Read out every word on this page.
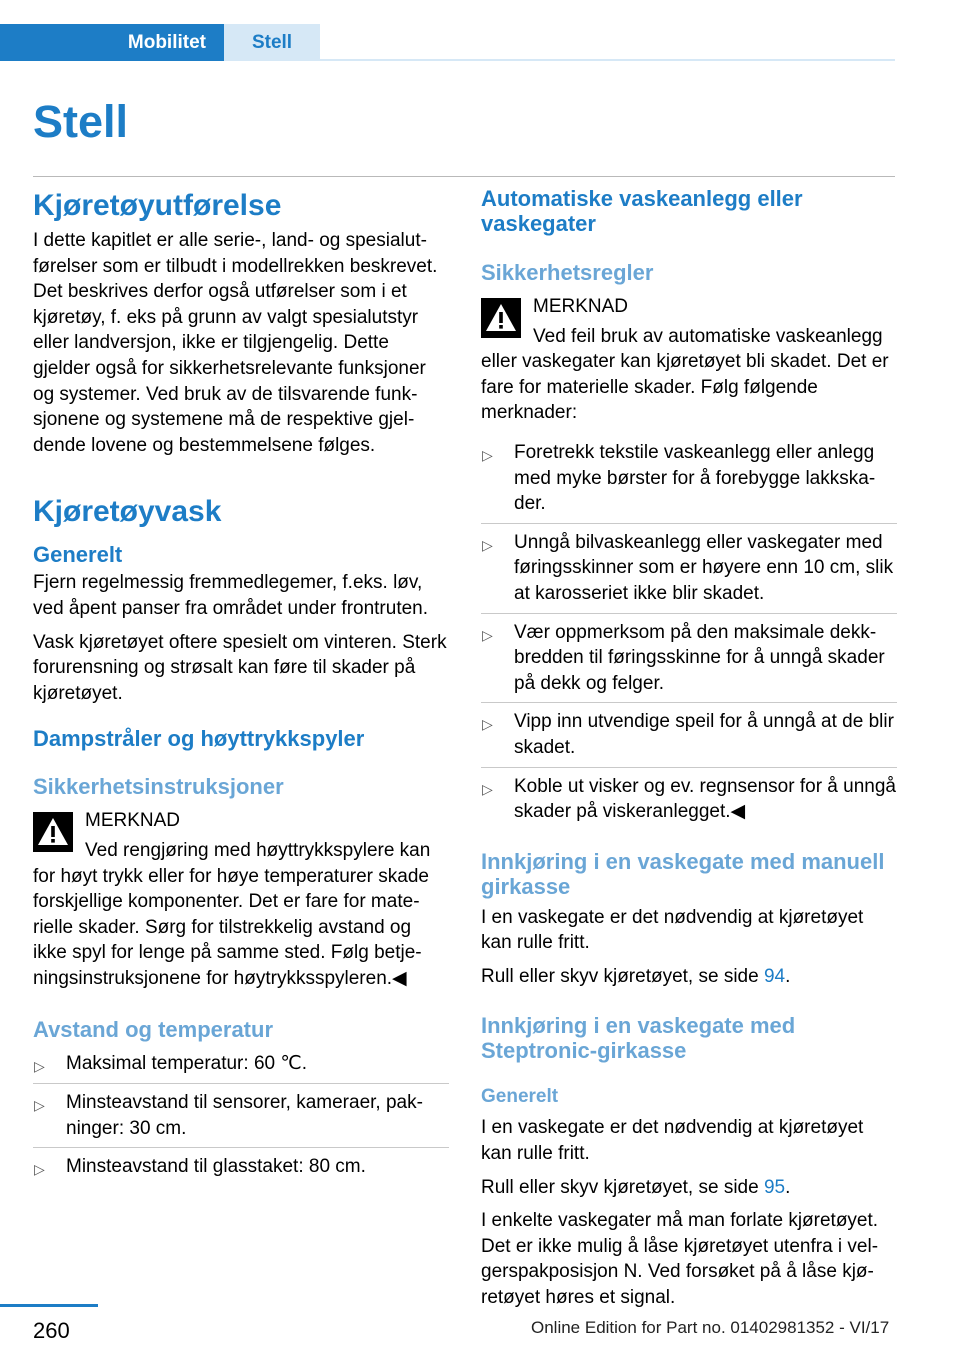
Mobilitet	Stell
Stell
Kjøretøyutførelse

I dette kapitlet er alle serie-, land- og spesialutførelser som er tilbudt i modellrekken beskrevet. Det beskrives derfor også utførelser som i et kjøretøy, f. eks på grunn av valgt spesialutstyr eller landversjon, ikke er tilgjengelig. Dette gjelder også for sikkerhetsrelevante funksjoner og systemer. Ved bruk av de tilsvarende funksjonene og systemene må de respektive gjeldende lovene og bestemmelsene følges.

Kjøretøyvask
Generelt

Fjern regelmessig fremmedlegemer, f.eks. løv, ved åpent panser fra området under frontruten.

Vask kjøretøyet oftere spesielt om vinteren. Sterk forurensning og strøsalt kan føre til skader på kjøretøyet.

Dampstråler og høyttrykkspyler
Sikkerhetsinstruksjoner

MERKNAD

Ved rengjøring med høyttrykkspylere kan for høyt trykk eller for høye temperaturer skade forskjellige komponenter. Det er fare for materielle skader. Sørg for tilstrekkelig avstand og ikke spyl for lenge på samme sted. Følg betjeningsinstruksjonene for høytrykksspyleren.◀

Avstand og temperatur
▷ Maksimal temperatur: 60 ℃.
▷ Minsteavstand til sensorer, kameraer, pakninger: 30 cm.
▷ Minsteavstand til glasstaket: 80 cm.
Automatiske vaskeanlegg eller vaskegater
Sikkerhetsregler

MERKNAD

Ved feil bruk av automatiske vaskeanlegg eller vaskegater kan kjøretøyet bli skadet. Det er fare for materielle skader. Følg følgende merknader:

▷ Foretrekk tekstile vaskeanlegg eller anlegg med myke børster for å forebygge lakkskader.
▷ Unngå bilvaskeanlegg eller vaskegater med føringsskinner som er høyere enn 10 cm, slik at karosseriet ikke blir skadet.
▷ Vær oppmerksom på den maksimale dekkbredden til føringsskinne for å unngå skader på dekk og felger.
▷ Vipp inn utvendige speil for å unngå at de blir skadet.
▷ Koble ut visker og ev. regnsensor for å unngå skader på viskeranlegget.◀
Innkjøring i en vaskegate med manuell girkasse

I en vaskegate er det nødvendig at kjøretøyet kan rulle fritt.

Rull eller skyv kjøretøyet, se side 94.

Innkjøring i en vaskegate med Steptronic-girkasse
Generelt

I en vaskegate er det nødvendig at kjøretøyet kan rulle fritt.

Rull eller skyv kjøretøyet, se side 95.

I enkelte vaskegater må man forlate kjøretøyet. Det er ikke mulig å låse kjøretøyet utenfra i velgerspakposisjon N. Ved forsøket på å låse kjøretøyet høres et signal.

260	Online Edition for Part no. 01402981352 - VI/17
